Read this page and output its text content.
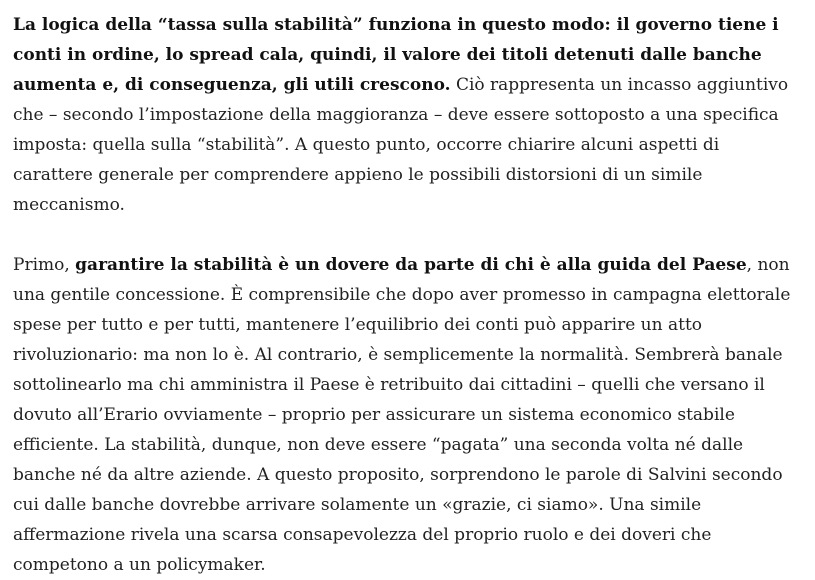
La logica della “tassa sulla stabilità” funziona in questo modo: il governo tiene i conti in ordine, lo spread cala, quindi, il valore dei titoli detenuti dalle banche aumenta e, di conseguenza, gli utili crescono. Ciò rappresenta un incasso aggiuntivo che – secondo l’impostazione della maggioranza – deve essere sottoposto a una specifica imposta: quella sulla “stabilità”. A questo punto, occorre chiarire alcuni aspetti di carattere generale per comprendere appieno le possibili distorsioni di un simile meccanismo.

Primo, garantire la stabilità è un dovere da parte di chi è alla guida del Paese, non una gentile concessione. È comprensibile che dopo aver promesso in campagna elettorale spese per tutto e per tutti, mantenere l’equilibrio dei conti può apparire un atto rivoluzionario: ma non lo è. Al contrario, è semplicemente la normalità. Sembrerà banale sottolinearlo ma chi amministra il Paese è retribuito dai cittadini – quelli che versano il dovuto all’Erario ovviamente – proprio per assicurare un sistema economico stabile efficiente. La stabilità, dunque, non deve essere “pagata” una seconda volta né dalle banche né da altre aziende. A questo proposito, sorprendono le parole di Salvini secondo cui dalle banche dovrebbe arrivare solamente un «grazie, ci siamo». Una simile affermazione rivela una scarsa consapevolezza del proprio ruolo e dei doveri che competono a un policymaker.
